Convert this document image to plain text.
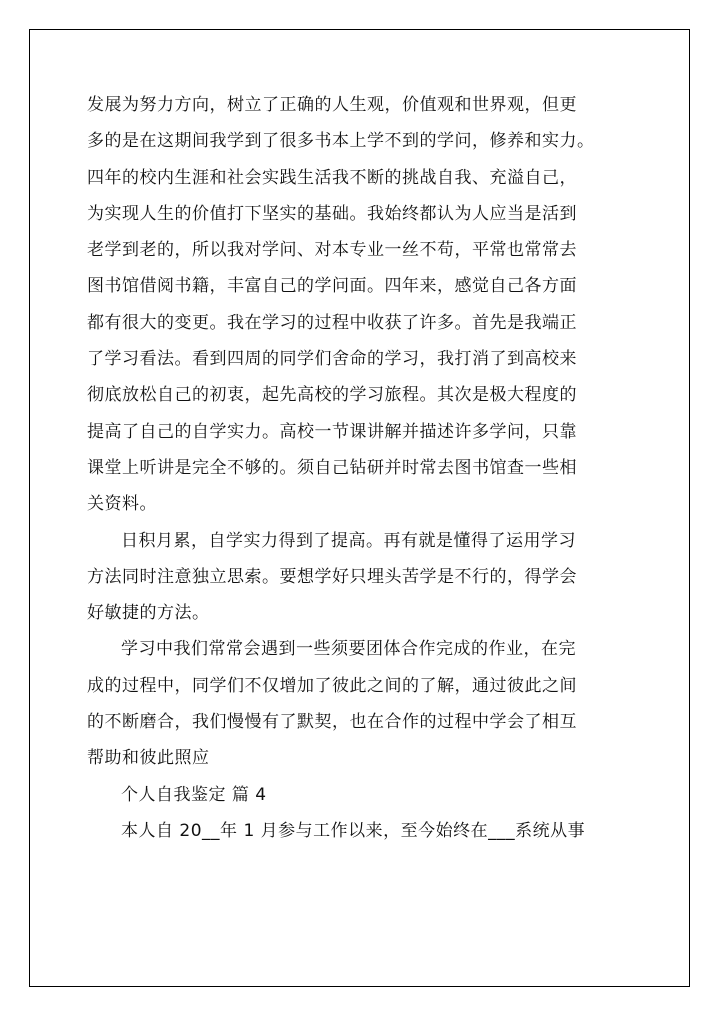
发展为努力方向，树立了正确的人生观，价值观和世界观，但更
多的是在这期间我学到了很多书本上学不到的学问，修养和实力。
四年的校内生涯和社会实践生活我不断的挑战自我、充溢自己，
为实现人生的价值打下坚实的基础。我始终都认为人应当是活到
老学到老的，所以我对学问、对本专业一丝不苟，平常也常常去
图书馆借阅书籍，丰富自己的学问面。四年来，感觉自己各方面
都有很大的变更。我在学习的过程中收获了许多。首先是我端正
了学习看法。看到四周的同学们舍命的学习，我打消了到高校来
彻底放松自己的初衷，起先高校的学习旅程。其次是极大程度的
提高了自己的自学实力。高校一节课讲解并描述许多学问，只靠
课堂上听讲是完全不够的。须自己钻研并时常去图书馆查一些相
关资料。
日积月累，自学实力得到了提高。再有就是懂得了运用学习
方法同时注意独立思索。要想学好只埋头苦学是不行的，得学会
好敏捷的方法。
学习中我们常常会遇到一些须要团体合作完成的作业，在完
成的过程中，同学们不仅增加了彼此之间的了解，通过彼此之间
的不断磨合，我们慢慢有了默契，也在合作的过程中学会了相互
帮助和彼此照应
个人自我鉴定 篇 4
本人自 20__年 1 月参与工作以来，至今始终在___系统从事
